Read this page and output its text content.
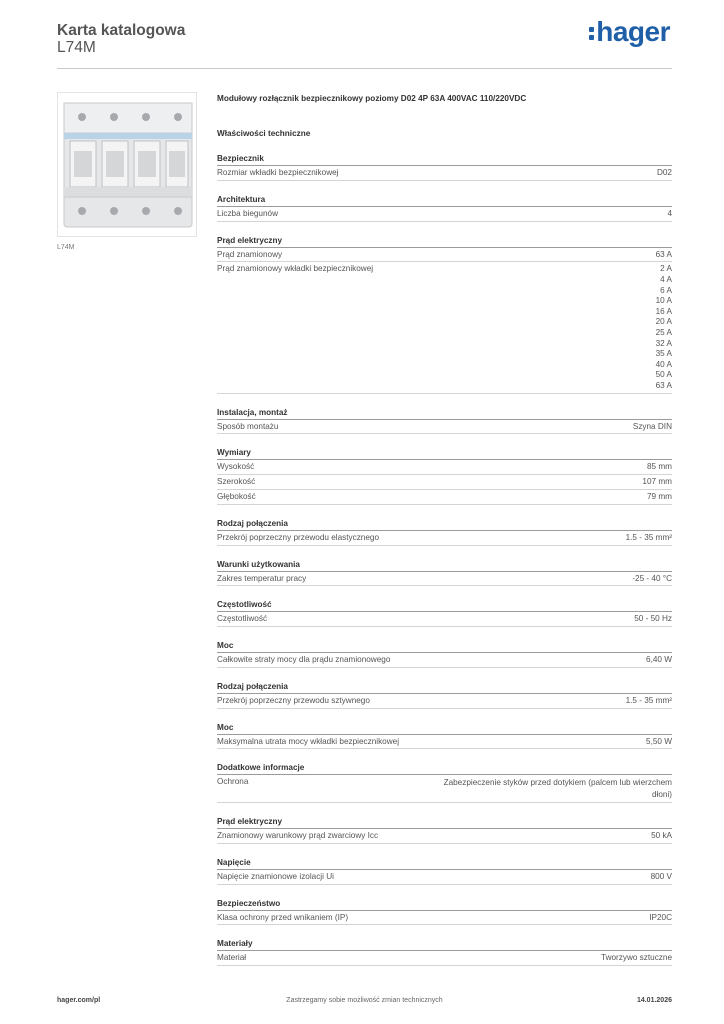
Karta katalogowa
L74M
hager
L74M
Modułowy rozłącznik bezpiecznikowy poziomy D02 4P 63A 400VAC 110/220VDC
Właściwości techniczne
Bezpiecznik
Rozmiar wkładki bezpiecznikowej	D02
Architektura
Liczba biegunów	4
Prąd elektryczny
Prąd znamionowy	63 A
Prąd znamionowy wkładki bezpiecznikowej	2 A
4 A
6 A
10 A
16 A
20 A
25 A
32 A
35 A
40 A
50 A
63 A
Instalacja, montaż
Sposób montażu	Szyna DIN
Wymiary
Wysokość	85 mm
Szerokość	107 mm
Głębokość	79 mm
Rodzaj połączenia
Przekrój poprzeczny przewodu elastycznego	1.5 - 35 mm²
Warunki użytkowania
Zakres temperatur pracy	-25 - 40 °C
Częstotliwość
Częstotliwość	50 - 50 Hz
Moc
Całkowite straty mocy dla prądu znamionowego	6,40 W
Rodzaj połączenia
Przekrój poprzeczny przewodu sztywnego	1.5 - 35 mm²
Moc
Maksymalna utrata mocy wkładki bezpiecznikowej	5,50 W
Dodatkowe informacje
Ochrona	Zabezpieczenie styków przed dotykiem (palcem lub wierzchem dłoni)
Prąd elektryczny
Znamionowy warunkowy prąd zwarciowy Icc	50 kA
Napięcie
Napięcie znamionowe izolacji Ui	800 V
Bezpieczeństwo
Klasa ochrony przed wnikaniem (IP)	IP20C
Materiały
Materiał	Tworzywo sztuczne
hager.com/pl	Zastrzegamy sobie możliwość zmian technicznych	14.01.2026
